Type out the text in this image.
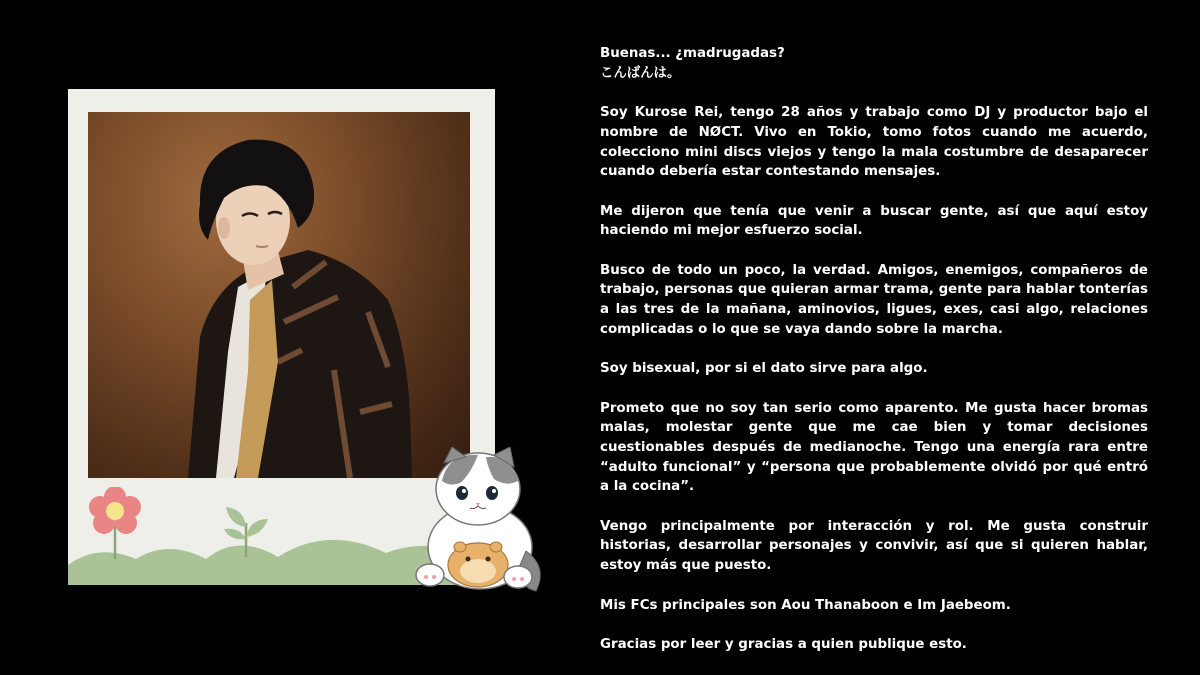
Buenas... ¿madrugadas?
こんばんは。

Soy Kurose Rei, tengo 28 años y trabajo como DJ y productor bajo el nombre de NØCT. Vivo en Tokio, tomo fotos cuando me acuerdo, colecciono mini discs viejos y tengo la mala costumbre de desaparecer cuando debería estar contestando mensajes.

Me dijeron que tenía que venir a buscar gente, así que aquí estoy haciendo mi mejor esfuerzo social.

Busco de todo un poco, la verdad. Amigos, enemigos, compañeros de trabajo, personas que quieran armar trama, gente para hablar tonterías a las tres de la mañana, aminovios, ligues, exes, casi algo, relaciones complicadas o lo que se vaya dando sobre la marcha.

Soy bisexual, por si el dato sirve para algo.

Prometo que no soy tan serio como aparento. Me gusta hacer bromas malas, molestar gente que me cae bien y tomar decisiones cuestionables después de medianoche. Tengo una energía rara entre “adulto funcional” y “persona que probablemente olvidó por qué entró a la cocina”.

Vengo principalmente por interacción y rol. Me gusta construir historias, desarrollar personajes y convivir, así que si quieren hablar, estoy más que puesto.

Mis FCs principales son Aou Thanaboon e Im Jaebeom.

Gracias por leer y gracias a quien publique esto.
